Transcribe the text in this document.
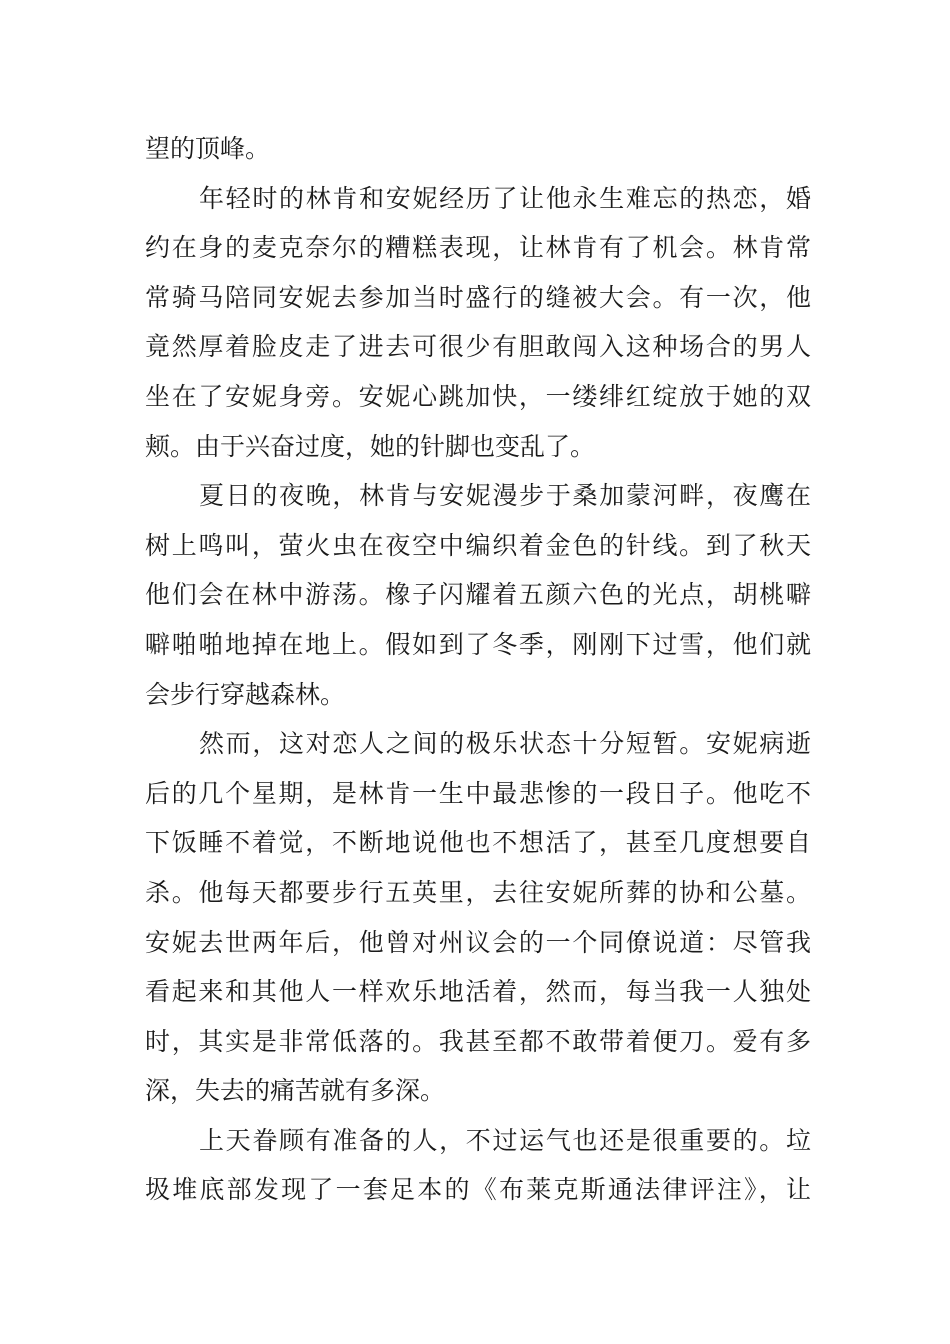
望的顶峰。
年轻时的林肯和安妮经历了让他永生难忘的热恋，婚
约在身的麦克奈尔的糟糕表现，让林肯有了机会。林肯常
常骑马陪同安妮去参加当时盛行的缝被大会。有一次，他
竟然厚着脸皮走了进去可很少有胆敢闯入这种场合的男人
坐在了安妮身旁。安妮心跳加快，一缕绯红绽放于她的双
颊。由于兴奋过度，她的针脚也变乱了。
夏日的夜晚，林肯与安妮漫步于桑加蒙河畔，夜鹰在
树上鸣叫，萤火虫在夜空中编织着金色的针线。到了秋天
他们会在林中游荡。橡子闪耀着五颜六色的光点，胡桃噼
噼啪啪地掉在地上。假如到了冬季，刚刚下过雪，他们就
会步行穿越森林。
然而，这对恋人之间的极乐状态十分短暂。安妮病逝
后的几个星期，是林肯一生中最悲惨的一段日子。他吃不
下饭睡不着觉，不断地说他也不想活了，甚至几度想要自
杀。他每天都要步行五英里，去往安妮所葬的协和公墓。
安妮去世两年后，他曾对州议会的一个同僚说道：尽管我
看起来和其他人一样欢乐地活着，然而，每当我一人独处
时，其实是非常低落的。我甚至都不敢带着便刀。爱有多
深，失去的痛苦就有多深。
上天眷顾有准备的人，不过运气也还是很重要的。垃
圾堆底部发现了一套足本的《布莱克斯通法律评注》，让
